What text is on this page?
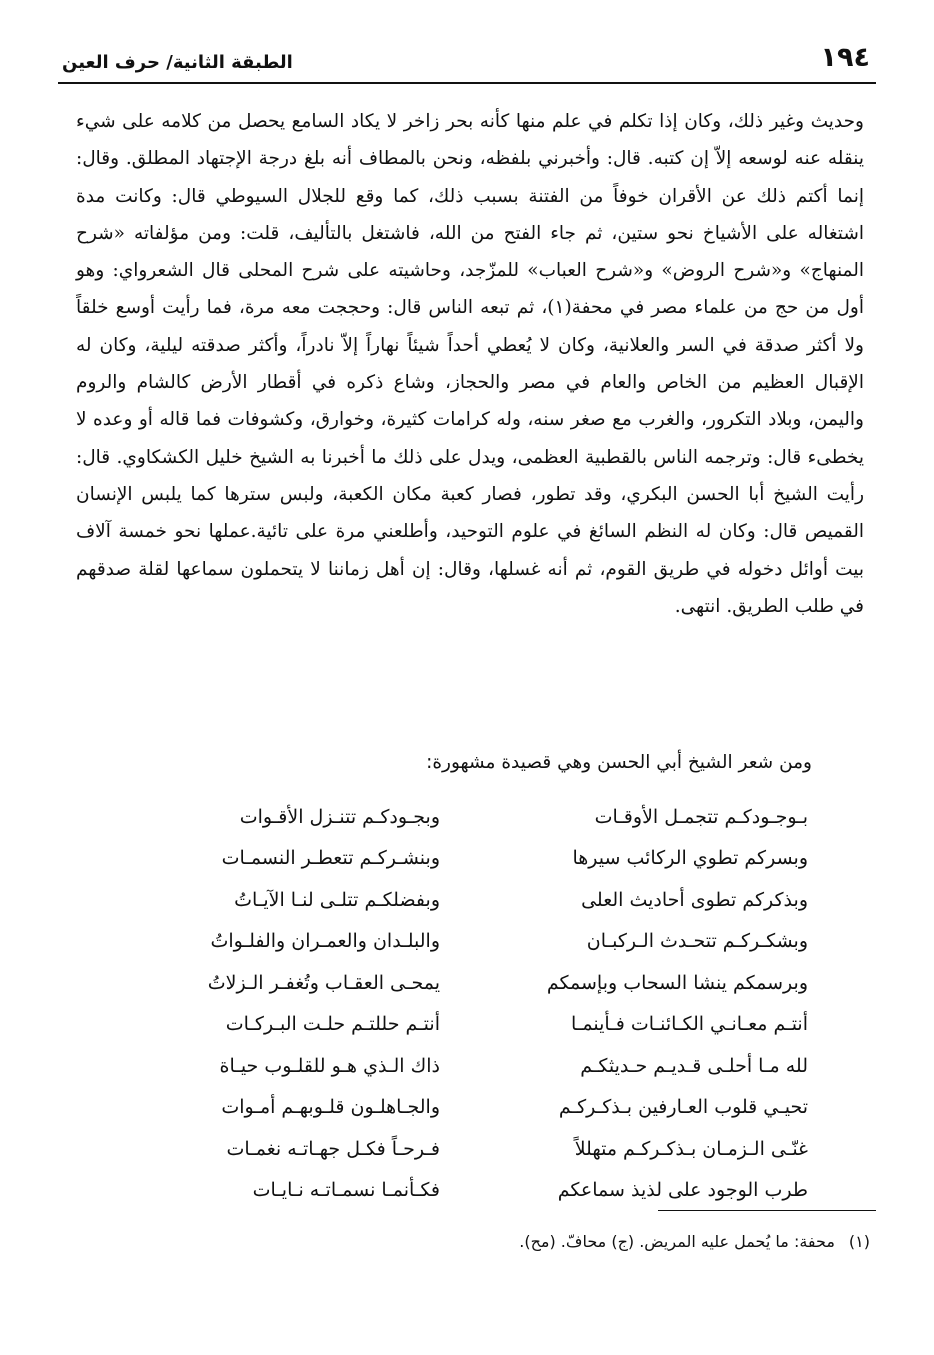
١٩٤
الطبقة الثانية/ حرف العين

وحديث وغير ذلك، وكان إذا تكلم في علم منها كأنه بحر زاخر لا يكاد السامع يحصل من كلامه على شيء ينقله عنه لوسعه إلاّ إن كتبه. قال: وأخبرني بلفظه، ونحن بالمطاف أنه بلغ درجة الإجتهاد المطلق. وقال: إنما أكتم ذلك عن الأقران خوفاً من الفتنة بسبب ذلك، كما وقع للجلال السيوطي قال: وكانت مدة اشتغاله على الأشياخ نحو ستين، ثم جاء الفتح من الله، فاشتغل بالتأليف، قلت: ومن مؤلفاته «شرح المنهاج» و«شرح الروض» و«شرح العباب» للمزّجد، وحاشيته على شرح المحلى قال الشعرواي: وهو أول من حج من علماء مصر في محفة(١)، ثم تبعه الناس قال: وحججت معه مرة، فما رأيت أوسع خلقاً ولا أكثر صدقة في السر والعلانية، وكان لا يُعطي أحداً شيئاً نهاراً إلاّ نادراً، وأكثر صدقته ليلية، وكان له الإقبال العظيم من الخاص والعام في مصر والحجاز، وشاع ذكره في أقطار الأرض كالشام والروم واليمن، وبلاد التكرور، والغرب مع صغر سنه، وله كرامات كثيرة، وخوارق، وكشوفات فما قاله أو وعده لا يخطىء قال: وترجمه الناس بالقطبية العظمى، ويدل على ذلك ما أخبرنا به الشيخ خليل الكشكاوي. قال: رأيت الشيخ أبا الحسن البكري، وقد تطور، فصار كعبة مكان الكعبة، ولبس سترها كما يلبس الإنسان القميص قال: وكان له النظم السائغ في علوم التوحيد، وأطلعني مرة على تائية.عملها نحو خمسة آلاف بيت أوائل دخوله في طريق القوم، ثم أنه غسلها، وقال: إن أهل زماننا لا يتحملون سماعها لقلة صدقهم في طلب الطريق. انتهى.

ومن شعر الشيخ أبي الحسن وهي قصيدة مشهورة:
بـوجـودكـم تتجمـل الأوقـات
وبجـودكـم تتنـزل الأقـوات
وبسركم تطوي الركائب سيرها
وبنشـركـم تتعطـر النسمـات
وبذكركم تطوى أحاديث العلى
وبفضلكـم تتلـى لنـا الآيـاتُ
وبشكـركـم تتحـدث الـركبـان
والبلـدان والعمـران والفلـواتُ
وبرسمكم ينشا السحاب وبإسمكم
يمحـى العقـاب وتُغفـر الـزلاتُ
أنتـم معـانـي الكـائنـات فـأينمـا
أنتـم حللتـم حلـت البـركـات
لله مـا أحلـى قـديـم حـديثكـم
ذاك الـذي هـو للقلـوب حيـاة
تحيـي قلوب العـارفين بـذكـركـم
والجـاهلـون قلـوبهـم أمـوات
غنّـى الـزمـان بـذكـركـم متهللاً
فـرحـاً فكـل جهـاتـه نغمـات
طرب الوجود على لذيذ سماعكم
فكـأنمـا نسمـاتـه نـايـات
(١)
محفة: ما يُحمل عليه المريض. (ج) محافّ. (مح).
